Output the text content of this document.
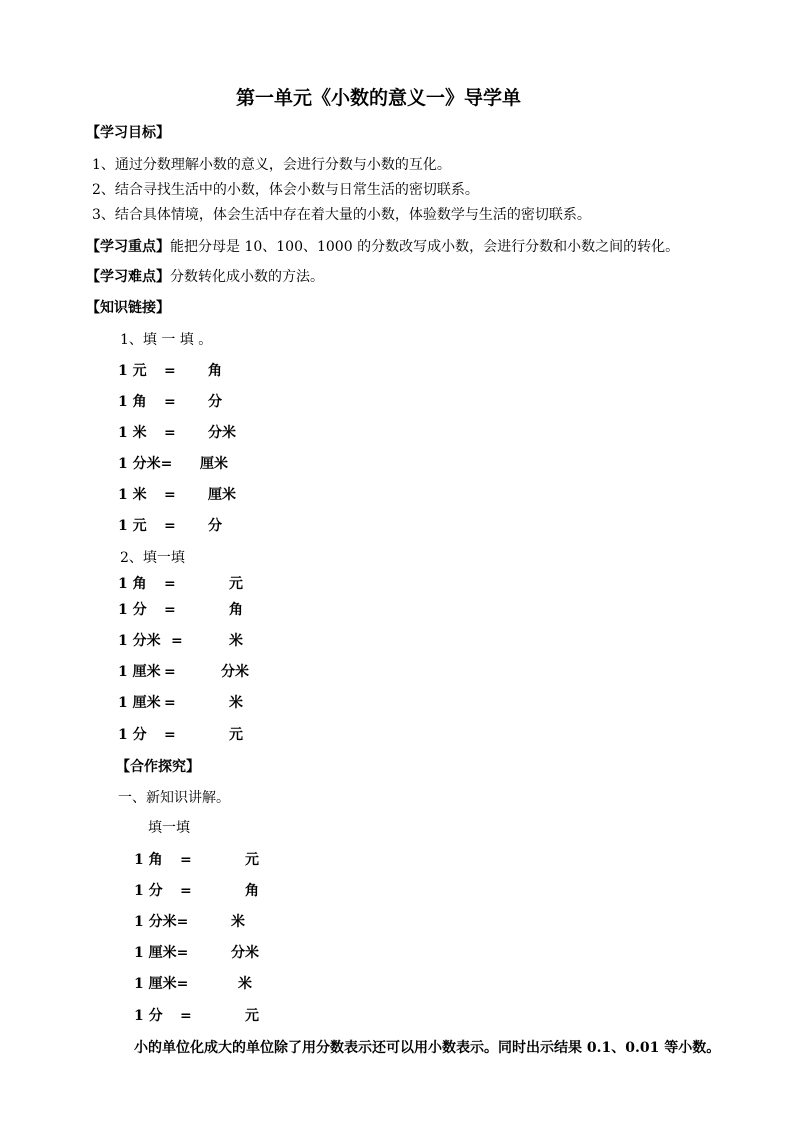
第一单元《小数的意义一》导学单
【学习目标】
1、通过分数理解小数的意义，会进行分数与小数的互化。
2、结合寻找生活中的小数，体会小数与日常生活的密切联系。
3、结合具体情境，体会生活中存在着大量的小数，体验数学与生活的密切联系。
【学习重点】能把分母是 10、100、1000 的分数改写成小数，会进行分数和小数之间的转化。
【学习难点】分数转化成小数的方法。
【知识链接】
1、填 一 填 。
1 元 = 角
1 角 = 分
1 米 = 分米
1 分米= 厘米
1 米 = 厘米
1 元 = 分
2、填一填
1 角 =	元
1 分 =	角
1 分米 =	米
1 厘米 =	分米
1 厘米 =	米
1 分 =	元
【合作探究】
一、新知识讲解。
填一填
1 角 =	元
1 分 =	角
1 分米=	米
1 厘米=	分米
1 厘米=	米
1 分 =	元
小的单位化成大的单位除了用分数表示还可以用小数表示。同时出示结果 0.1、0.01 等小数。
